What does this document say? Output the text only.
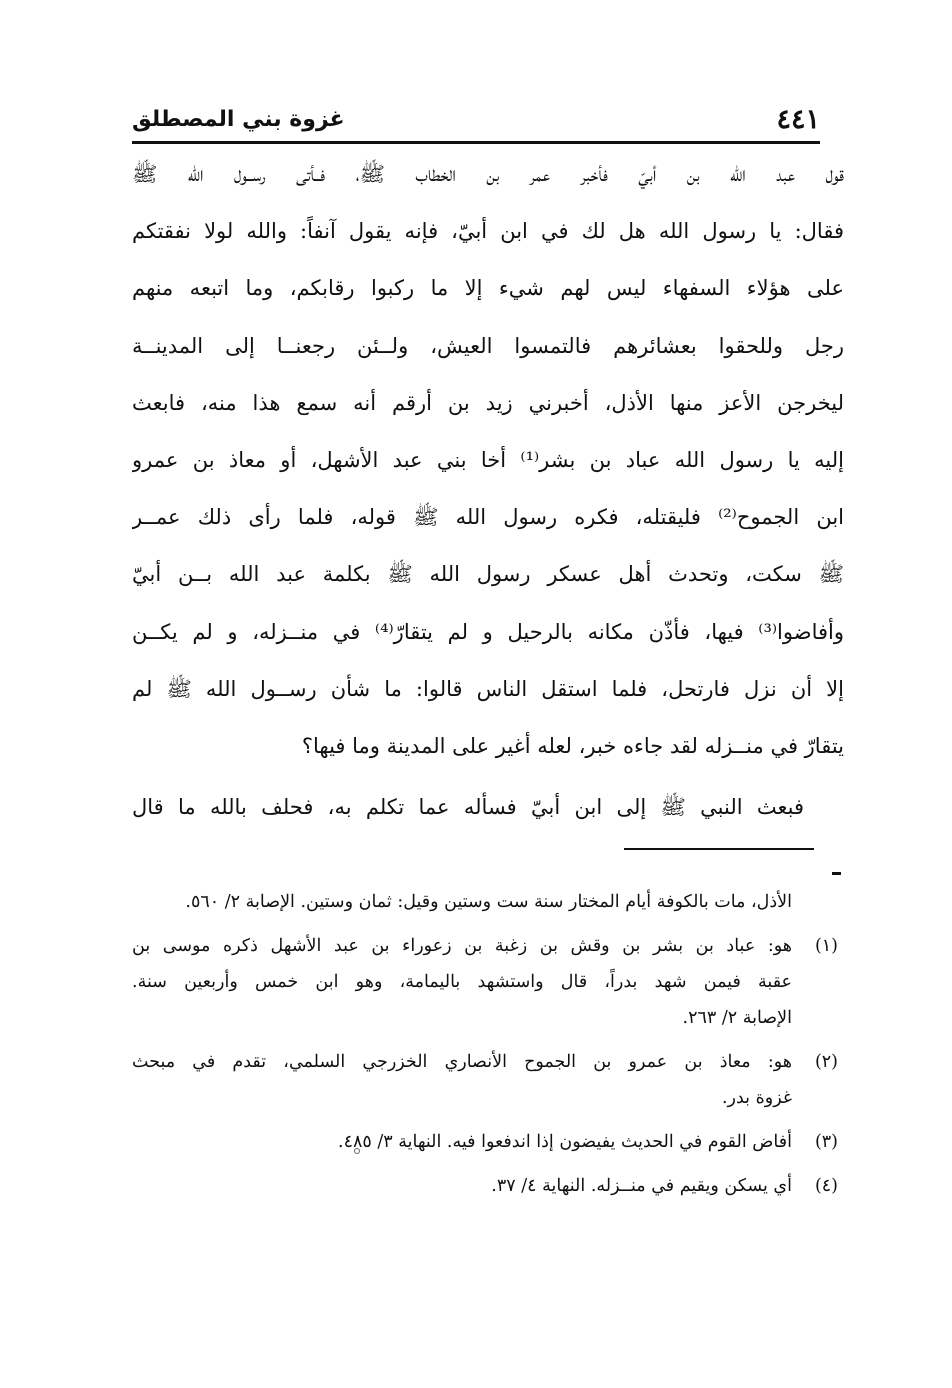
٤٤١
غزوة بني المصطلق
قول عبد الله بن أبيّ فأخبر عمر بن الخطاب ﷺ، فــأتى رســول الله ﷺ
فقال: يا رسول الله هل لك في ابن أبيّ، فإنه يقول آنفاً: والله لولا نفقتكم
على هؤلاء السفهاء ليس لهم شيء إلا ما ركبوا رقابكم، وما اتبعه منهم
رجل وللحقوا بعشائرهم فالتمسوا العيش، ولــئن رجعنــا إلى المدينــة
ليخرجن الأعز منها الأذل، أخبرني زيد بن أرقم أنه سمع هذا منه، فابعث
إليه يا رسول الله عباد بن بشر⁽¹⁾ أخا بني عبد الأشهل، أو معاذ بن عمرو
ابن الجموح⁽²⁾ فليقتله، فكره رسول الله ﷺ قوله، فلما رأى ذلك عمــر
ﷺ سكت، وتحدث أهل عسكر رسول الله ﷺ بكلمة عبد الله بــن أبيّ
وأفاضوا⁽³⁾ فيها، فأذّن مكانه بالرحيل و لم يتقارّ⁽⁴⁾ في منــزله، و لم يكــن
إلا أن نزل فارتحل، فلما استقل الناس قالوا: ما شأن رســول الله ﷺ لم
يتقارّ في منــزله لقد جاءه خبر، لعله أغير على المدينة وما فيها؟
فبعث النبي ﷺ إلى ابن أبيّ فسأله عما تكلم به، فحلف بالله ما قال
الأذل، مات بالكوفة أيام المختار سنة ست وستين وقيل: ثمان وستين. الإصابة ٢/ ٥٦٠.
(١)
هو: عباد بن بشر بن وقش بن زغبة بن زعوراء بن عبد الأشهل ذكره موسى بن
عقبة فيمن شهد بدراً، قال واستشهد باليمامة، وهو ابن خمس وأربعين سنة.
الإصابة ٢/ ٢٦٣.
(٢)
هو: معاذ بن عمرو بن الجموح الأنصاري الخزرجي السلمي، تقدم في مبحث
غزوة بدر.
(٣)
أفاض القوم في الحديث يفيضون إذا اندفعوا فيه. النهاية ٣/ ٤٨٥.
(٤)
أي يسكن ويقيم في منــزله. النهاية ٤/ ٣٧.
